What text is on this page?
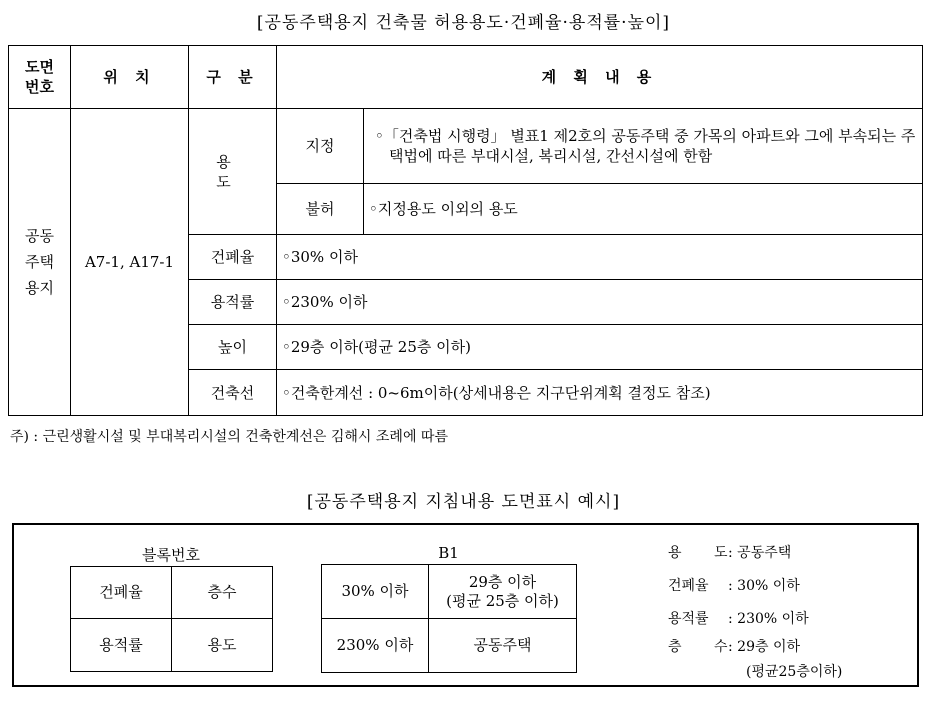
[공동주택용지 건축물 허용용도·건폐율·용적률·높이]
도면
번호	위 치	구 분	계 획 내 용	
공동
주택
용지	A7-1, A17-1	용 도	지정	◦「건축법 시행령」 별표1 제2호의 공동주택 중 가목의 아파트와 그에 부속되는 주택법에 따른 부대시설, 복리시설, 간선시설에 한함

			불허	◦지정용도 이외의 용도
		건폐율	◦30% 이하	
		용적률	◦230% 이하	
		높이	◦29층 이하(평균 25층 이하)	
		건축선	◦건축한계선 : 0~6m이하(상세내용은 지구단위계획 결정도 참조)	
주) : 근린생활시설 및 부대복리시설의 건축한계선은 김해시 조례에 따름
[공동주택용지 지침내용 도면표시 예시]
블록번호
건폐율	층수
용적률	용도
B1
30% 이하	29층 이하
(평균 25층 이하)

230% 이하	공동주택
용 도: 공동주택
건폐율 : 30% 이하
용적률 : 230% 이하
층 수: 29층 이하
(평균25층이하)
